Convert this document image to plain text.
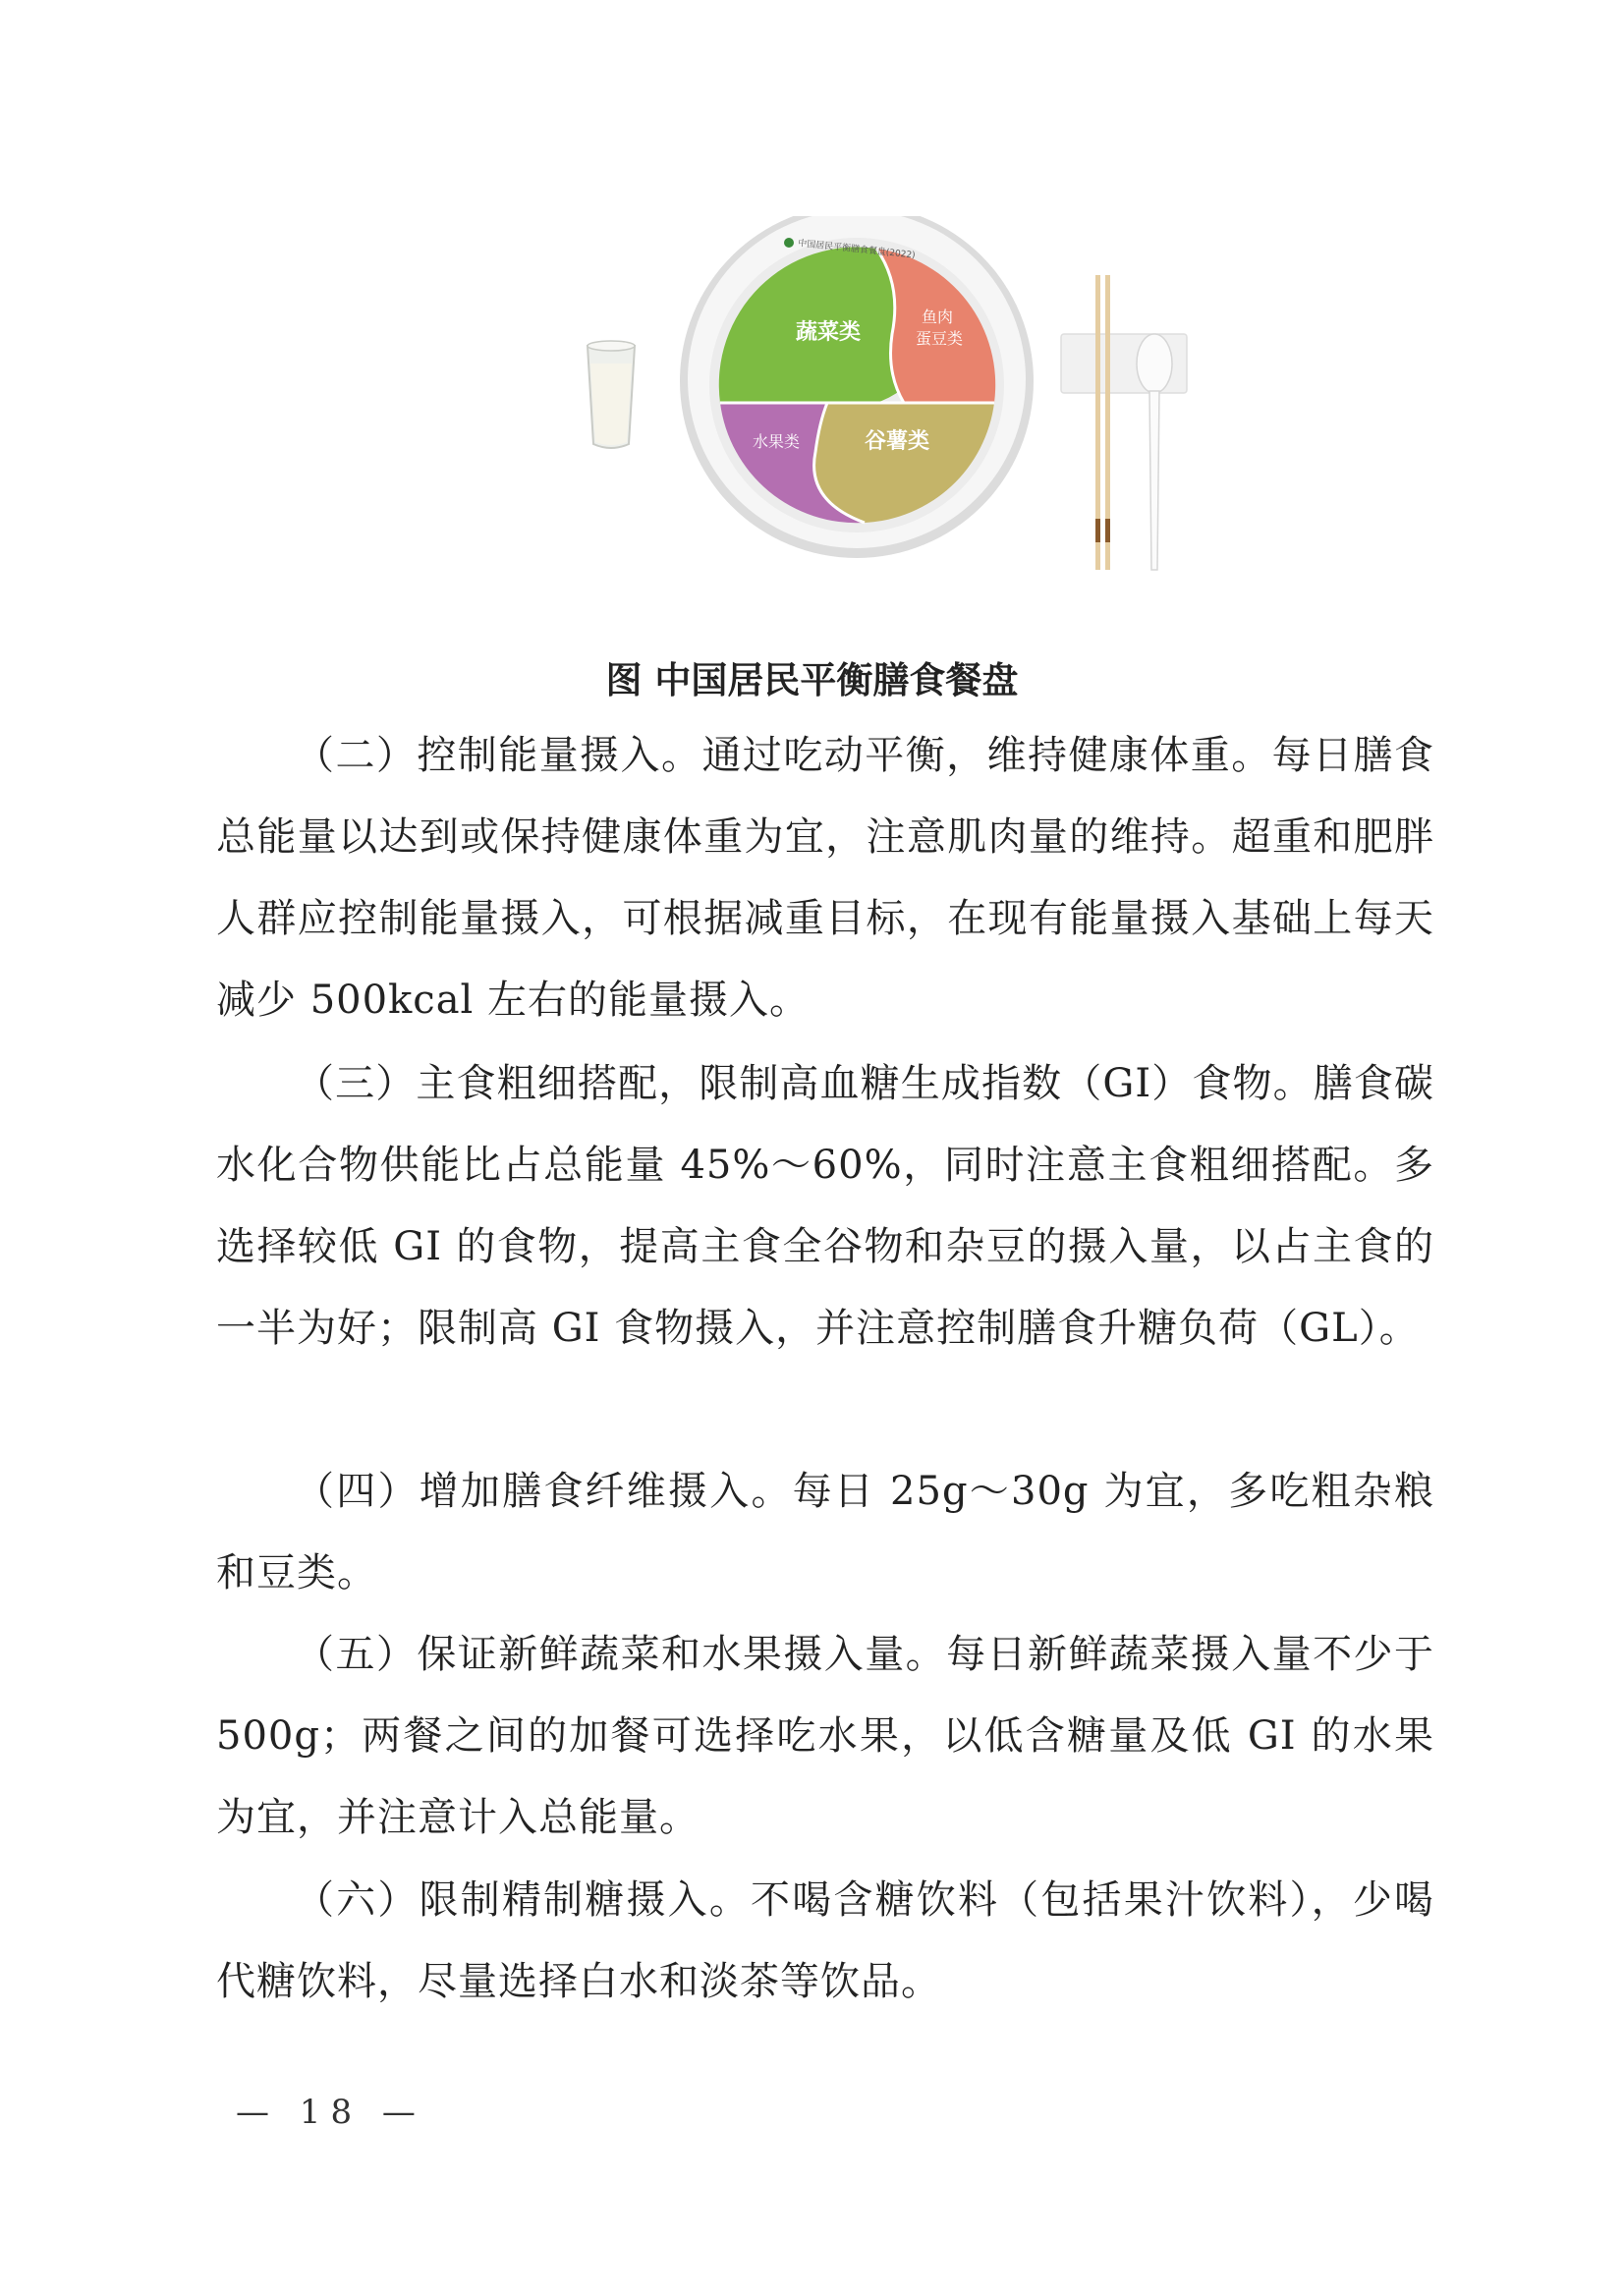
中国居民平衡膳食餐盘(2022)
蔬菜类
鱼肉
蛋豆类
水果类	谷薯类
图 中国居民平衡膳食餐盘

（二）控制能量摄入。通过吃动平衡，维持健康体重。每日膳食总能量以达到或保持健康体重为宜，注意肌肉量的维持。超重和肥胖人群应控制能量摄入，可根据减重目标，在现有能量摄入基础上每天减少 500kcal 左右的能量摄入。

（三）主食粗细搭配，限制高血糖生成指数（GI）食物。膳食碳水化合物供能比占总能量 45%～60%，同时注意主食粗细搭配。多选择较低 GI 的食物，提高主食全谷物和杂豆的摄入量，以占主食的一半为好；限制高 GI 食物摄入，并注意控制膳食升糖负荷（GL）。

（四）增加膳食纤维摄入。每日 25g～30g 为宜，多吃粗杂粮和豆类。

（五）保证新鲜蔬菜和水果摄入量。每日新鲜蔬菜摄入量不少于 500g；两餐之间的加餐可选择吃水果，以低含糖量及低 GI 的水果为宜，并注意计入总能量。

（六）限制精制糖摄入。不喝含糖饮料（包括果汁饮料），少喝代糖饮料，尽量选择白水和淡茶等饮品。

— 18 —
